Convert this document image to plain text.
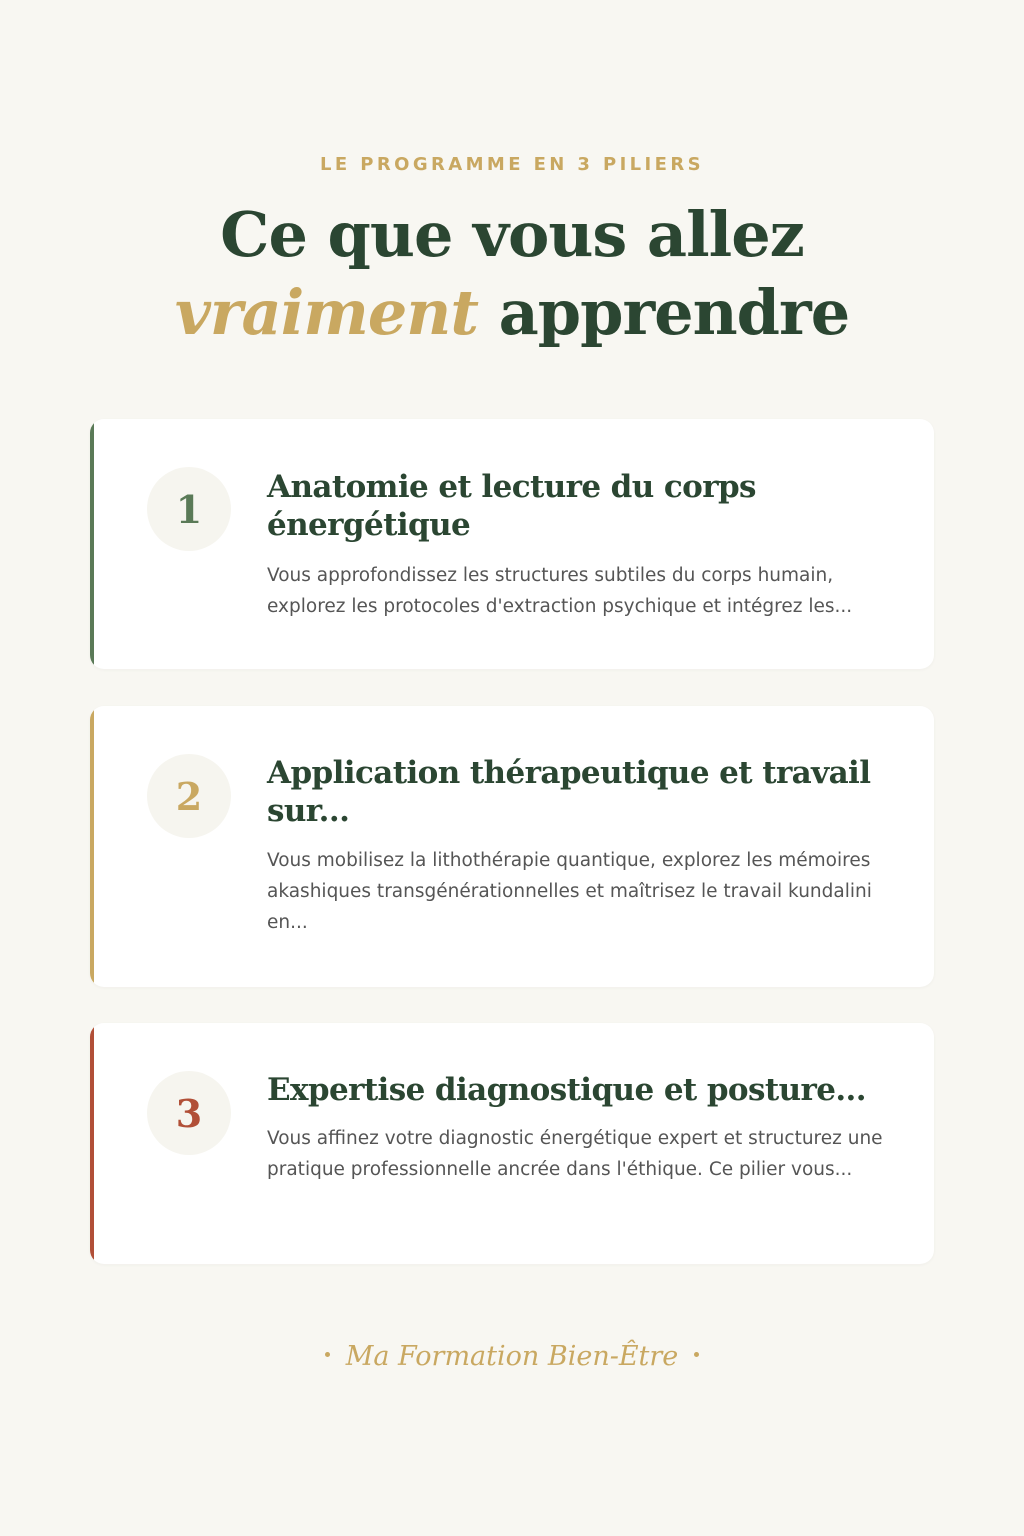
LE PROGRAMME EN 3 PILIERS
Ce que vous allez
vraiment apprendre
1	Anatomie et lecture du corps énergétique
Vous approfondissez les structures subtiles du corps humain, explorez les protocoles d'extraction psychique et intégrez les...
2
Application thérapeutique et travail sur...
Vous mobilisez la lithothérapie quantique, explorez les mémoires akashiques transgénérationnelles et maîtrisez le travail kundalini en...
3
Expertise diagnostique et posture...
Vous affinez votre diagnostic énergétique expert et structurez une pratique professionnelle ancrée dans l'éthique. Ce pilier vous...
Ma Formation Bien-Être
